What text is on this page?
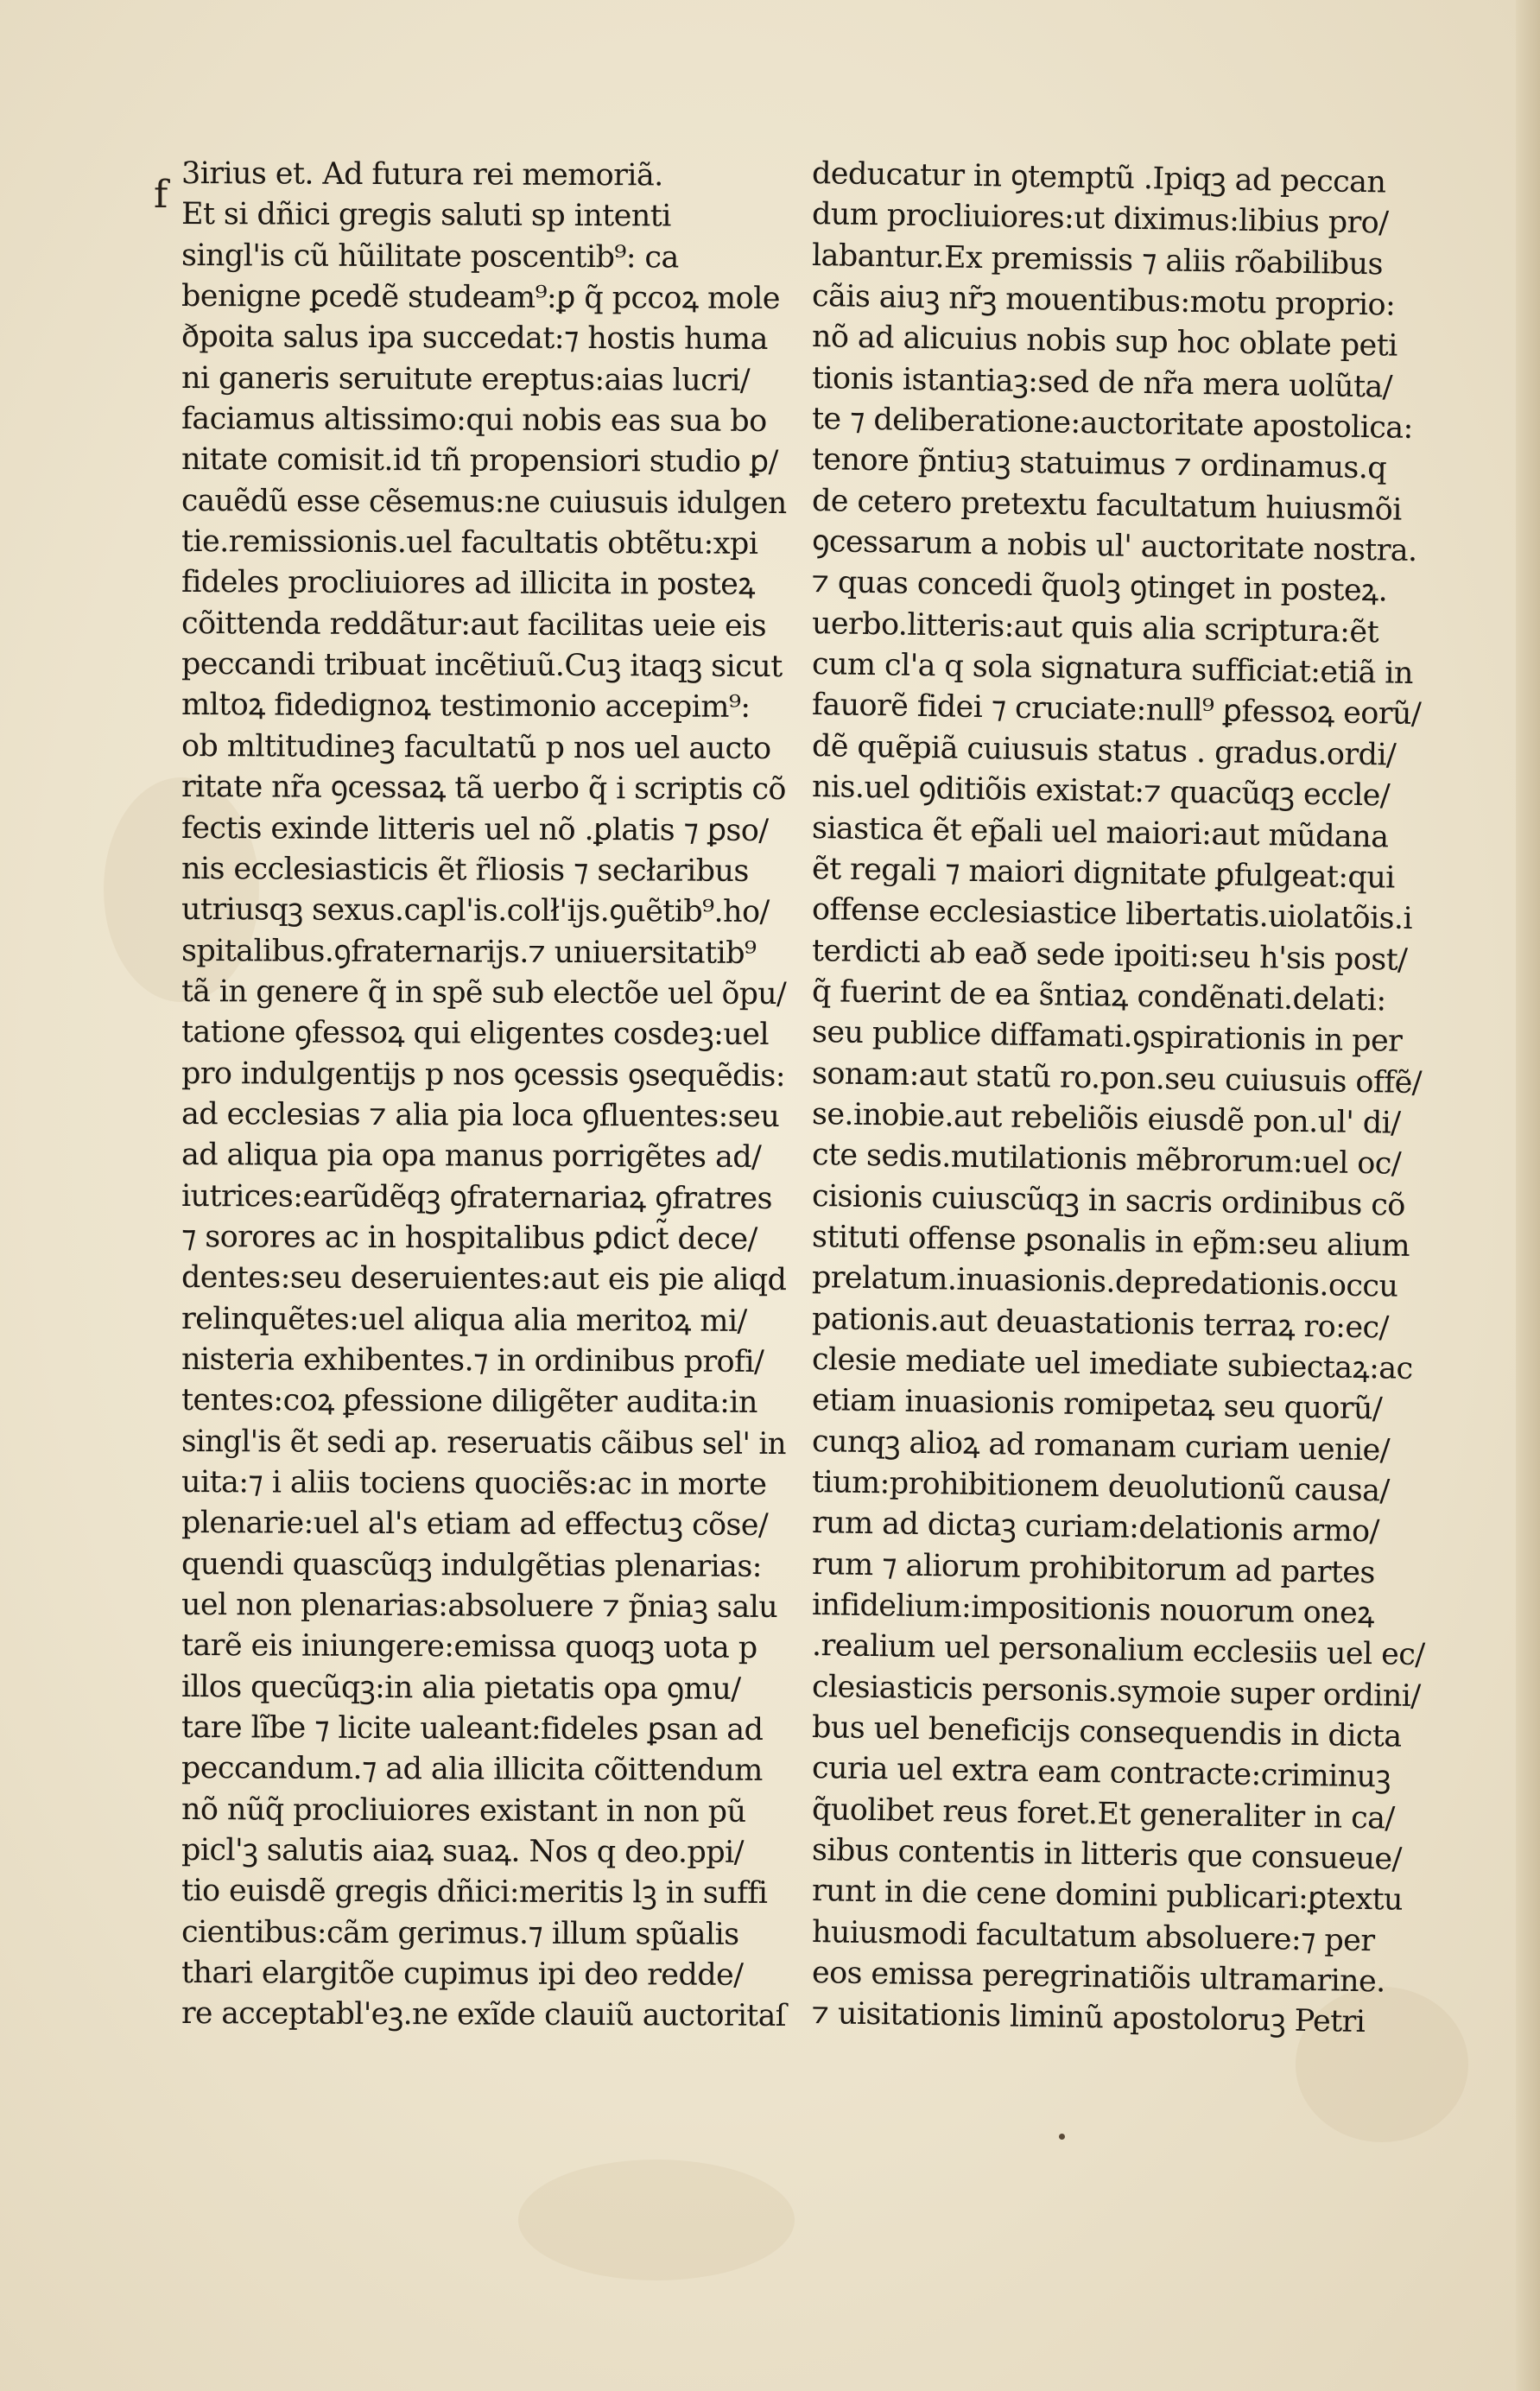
f 3irius et. Ad futura rei memoriã.
Et si dñici gregis saluti sp intenti
singl'is cũ hũilitate poscentib⁹: ca
benigne ꝑcedẽ studeam⁹:ꝑ q̃ pccoꝝ mole
ðpoita salus ipa succedat:⁊ hostis huma
ni ganeris seruitute ereptus:aias lucri/
faciamus altissimo:qui nobis eas sua bo
nitate comisit.id tñ propensiori studio ꝑ/
cauẽdũ esse cẽsemus:ne cuiusuis idulgen
tie.remissionis.uel facultatis obtẽtu:xpi
fideles procliuiores ad illicita in posteꝝ
cõittenda reddãtur:aut facilitas ueie eis
peccandi tribuat incẽtiuũ.Cuꝫ itaqꝫ sicut
mltoꝝ fidedignoꝝ testimonio accepim⁹:
ob mltitudineꝫ facultatũ p nos uel aucto
ritate nr̃a ꝯcessaꝝ tã uerbo q̃ i scriptis cõ
fectis exinde litteris uel nõ .ꝑlatis ⁊ ꝑso/
nis ecclesiasticis ẽt r̃liosis ⁊ secłaribus
utriusqꝫ sexus.capl'is.colł'ijs.ꝯuẽtib⁹.ho/
spitalibus.ꝯfraternarijs.⁊ uniuersitatib⁹
tã in genere q̃ in spẽ sub electõe uel õpu/
tatione ꝯfessoꝝ qui eligentes cosdeꝫ:uel
pro indulgentijs p nos ꝯcessis ꝯsequẽdis:
ad ecclesias ⁊ alia pia loca ꝯfluentes:seu
ad aliqua pia opa manus porrigẽtes ad/
iutrices:earũdẽqꝫ ꝯfraternariaꝝ ꝯfratres
⁊ sorores ac in hospitalibus ꝑdict̃ dece/
dentes:seu deseruientes:aut eis pie aliqd
relinquẽtes:uel aliqua alia meritoꝝ mi/
nisteria exhibentes.⁊ in ordinibus profi/
tentes:coꝝ ꝑfessione diligẽter audita:in
singl'is ẽt sedi ap. reseruatis cãibus sel' in
uita:⁊ i aliis tociens quociẽs:ac in morte
plenarie:uel al's etiam ad effectuꝫ cõse/
quendi quascũqꝫ indulgẽtias plenarias:
uel non plenarias:absoluere ⁊ p̃niaꝫ salu
tarẽ eis iniungere:emissa quoqꝫ uota p
illos quecũqꝫ:in alia pietatis opa ꝯmu/
tare lı̃be ⁊ licite ualeant:fideles ꝑsan ad
peccandum.⁊ ad alia illicita cõittendum
nõ nũq̃ procliuiores existant in non pũ
picl'ꝫ salutis aiaꝝ suaꝝ. Nos q deo.ppi/
tio euisdẽ gregis dñici:meritis lꝫ in suffi
cientibus:cãm gerimus.⁊ illum spũalis
thari elargitõe cupimus ipi deo redde/
re acceptabl'eꝫ.ne exĩde clauiũ auctoritaſ
deducatur in ꝯtemptũ .Ipiqꝫ ad peccan
dum procliuiores:ut diximus:libius pro/
labantur.Ex premissis ⁊ aliis rõabilibus
cãis aiuꝫ nr̃ꝫ mouentibus:motu proprio:
nõ ad alicuius nobis sup hoc oblate peti
tionis istantiaꝫ:sed de nr̃a mera uolũta/
te ⁊ deliberatione:auctoritate apostolica:
tenore p̃ntiuꝫ statuimus ⁊ ordinamus.q
de cetero pretextu facultatum huiusmõi
ꝯcessarum a nobis ul' auctoritate nostra.
⁊ quas concedi q̃uolꝫ ꝯtinget in posteꝝ.
uerbo.litteris:aut quis alia scriptura:ẽt
cum cl'a q sola signatura sufficiat:etiã in
fauorẽ fidei ⁊ cruciate:null⁹ ꝑfessoꝝ eorũ/
dẽ quẽpiã cuiusuis status . gradus.ordi/
nis.uel ꝯditiõis existat:⁊ quacũqꝫ eccle/
siastica ẽt ep̃ali uel maiori:aut mũdana
ẽt regali ⁊ maiori dignitate ꝑfulgeat:qui
offense ecclesiastice libertatis.uiolatõis.i
terdicti ab eað sede ipoiti:seu h'sis post/
q̃ fuerint de ea s̃ntiaꝝ condẽnati.delati:
seu publice diffamati.ꝯspirationis in per
sonam:aut statũ ro.pon.seu cuiusuis offẽ/
se.inobie.aut rebeliõis eiusdẽ pon.ul' di/
cte sedis.mutilationis mẽbrorum:uel oc/
cisionis cuiuscũqꝫ in sacris ordinibus cõ
stituti offense ꝑsonalis in ep̃m:seu alium
prelatum.inuasionis.depredationis.occu
pationis.aut deuastationis terraꝝ ro:ec/
clesie mediate uel imediate subiectaꝝ:ac
etiam inuasionis romipetaꝝ seu quorũ/
cunqꝫ alioꝝ ad romanam curiam uenie/
tium:prohibitionem deuolutionũ causa/
rum ad dictaꝫ curiam:delationis armo/
rum ⁊ aliorum prohibitorum ad partes
infidelium:impositionis nouorum oneꝝ
.realium uel personalium ecclesiis uel ec/
clesiasticis personis.symoie super ordini/
bus uel beneficijs consequendis in dicta
curia uel extra eam contracte:criminuꝫ
q̃uolibet reus foret.Et generaliter in ca/
sibus contentis in litteris que consueue/
runt in die cene domini publicari:ꝑtextu
huiusmodi facultatum absoluere:⁊ per
eos emissa peregrinatiõis ultramarine.
⁊ uisitationis liminũ apostoloruꝫ Petri
